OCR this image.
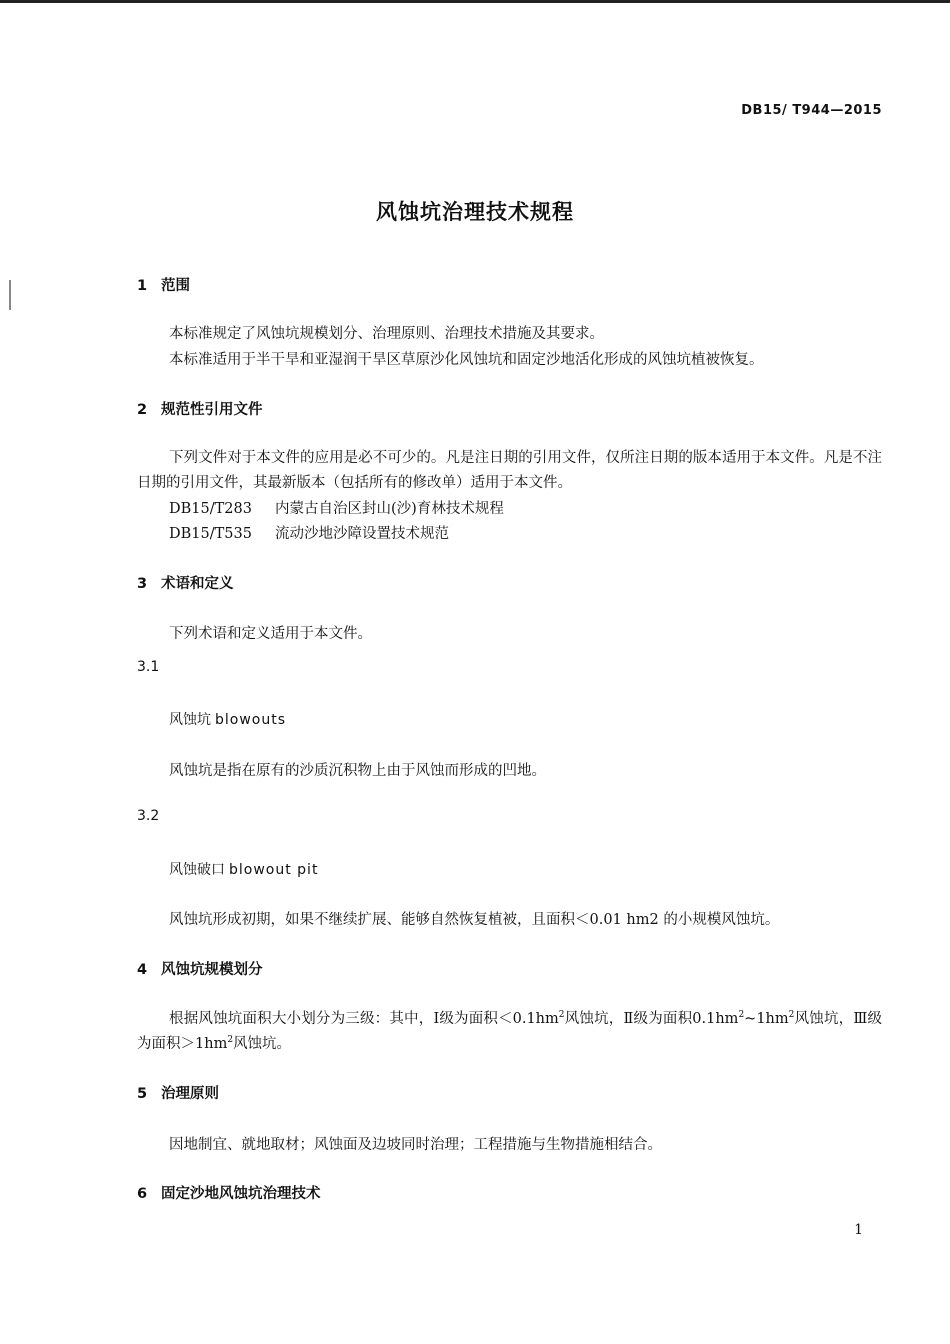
DB15/ T944—2015
风蚀坑治理技术规程
1 范围
本标准规定了风蚀坑规模划分、治理原则、治理技术措施及其要求。
本标准适用于半干旱和亚湿润干旱区草原沙化风蚀坑和固定沙地活化形成的风蚀坑植被恢复。
2 规范性引用文件
下列文件对于本文件的应用是必不可少的。凡是注日期的引用文件，仅所注日期的版本适用于本文件。凡是不注日期的引用文件，其最新版本（包括所有的修改单）适用于本文件。
DB15/T283 内蒙古自治区封山(沙)育林技术规程
DB15/T535 流动沙地沙障设置技术规范
3 术语和定义
下列术语和定义适用于本文件。
3.1
风蚀坑 blowouts
风蚀坑是指在原有的沙质沉积物上由于风蚀而形成的凹地。
3.2
风蚀破口 blowout pit
风蚀坑形成初期，如果不继续扩展、能够自然恢复植被，且面积＜0.01 hm2 的小规模风蚀坑。
4 风蚀坑规模划分
根据风蚀坑面积大小划分为三级：其中，Ⅰ级为面积$<0.1hm^2$风蚀坑，Ⅱ级为面积$0.1hm^2\sim 1hm^2$风蚀坑，Ⅲ级为面积$>1hm^2$风蚀坑。
5 治理原则
因地制宜、就地取材；风蚀面及边坡同时治理；工程措施与生物措施相结合。
6 固定沙地风蚀坑治理技术
1
